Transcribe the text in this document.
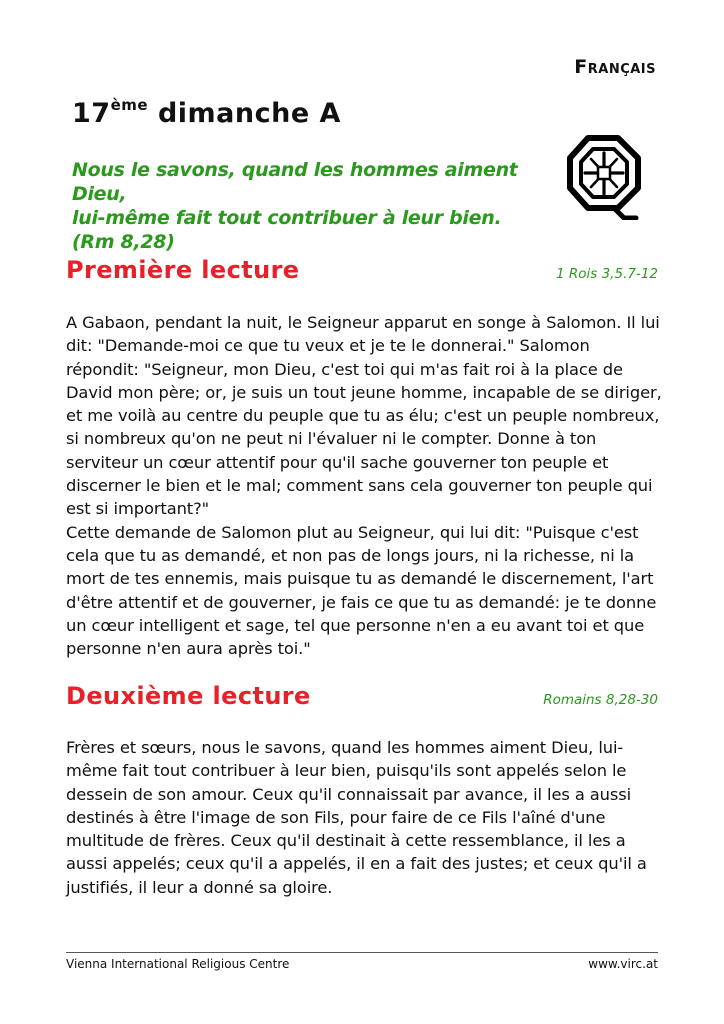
Français
17ème dimanche A
Nous le savons, quand les hommes aiment Dieu,
lui-même fait tout contribuer à leur bien. (Rm 8,28)
Première lecture	1 Rois 3,5.7-12

A Gabaon, pendant la nuit, le Seigneur apparut en songe à Salomon. Il lui dit: "Demande-moi ce que tu veux et je te le donnerai." Salomon répondit: "Seigneur, mon Dieu, c'est toi qui m'as fait roi à la place de David mon père; or, je suis un tout jeune homme, incapable de se diriger, et me voilà au centre du peuple que tu as élu; c'est un peuple nombreux, si nombreux qu'on ne peut ni l'évaluer ni le compter. Donne à ton serviteur un cœur attentif pour qu'il sache gouverner ton peuple et discerner le bien et le mal; comment sans cela gouverner ton peuple qui est si important?"

Cette demande de Salomon plut au Seigneur, qui lui dit: "Puisque c'est cela que tu as demandé, et non pas de longs jours, ni la richesse, ni la mort de tes ennemis, mais puisque tu as demandé le discernement, l'art d'être attentif et de gouverner, je fais ce que tu as demandé: je te donne un cœur intelligent et sage, tel que personne n'en a eu avant toi et que personne n'en aura après toi."

Deuxième lecture	Romains 8,28-30

Frères et sœurs, nous le savons, quand les hommes aiment Dieu, lui-même fait tout contribuer à leur bien, puisqu'ils sont appelés selon le dessein de son amour. Ceux qu'il connaissait par avance, il les a aussi destinés à être l'image de son Fils, pour faire de ce Fils l'aîné d'une multitude de frères. Ceux qu'il destinait à cette ressemblance, il les a aussi appelés; ceux qu'il a appelés, il en a fait des justes; et ceux qu'il a justifiés, il leur a donné sa gloire.

Vienna International Religious Centre	www.virc.at
